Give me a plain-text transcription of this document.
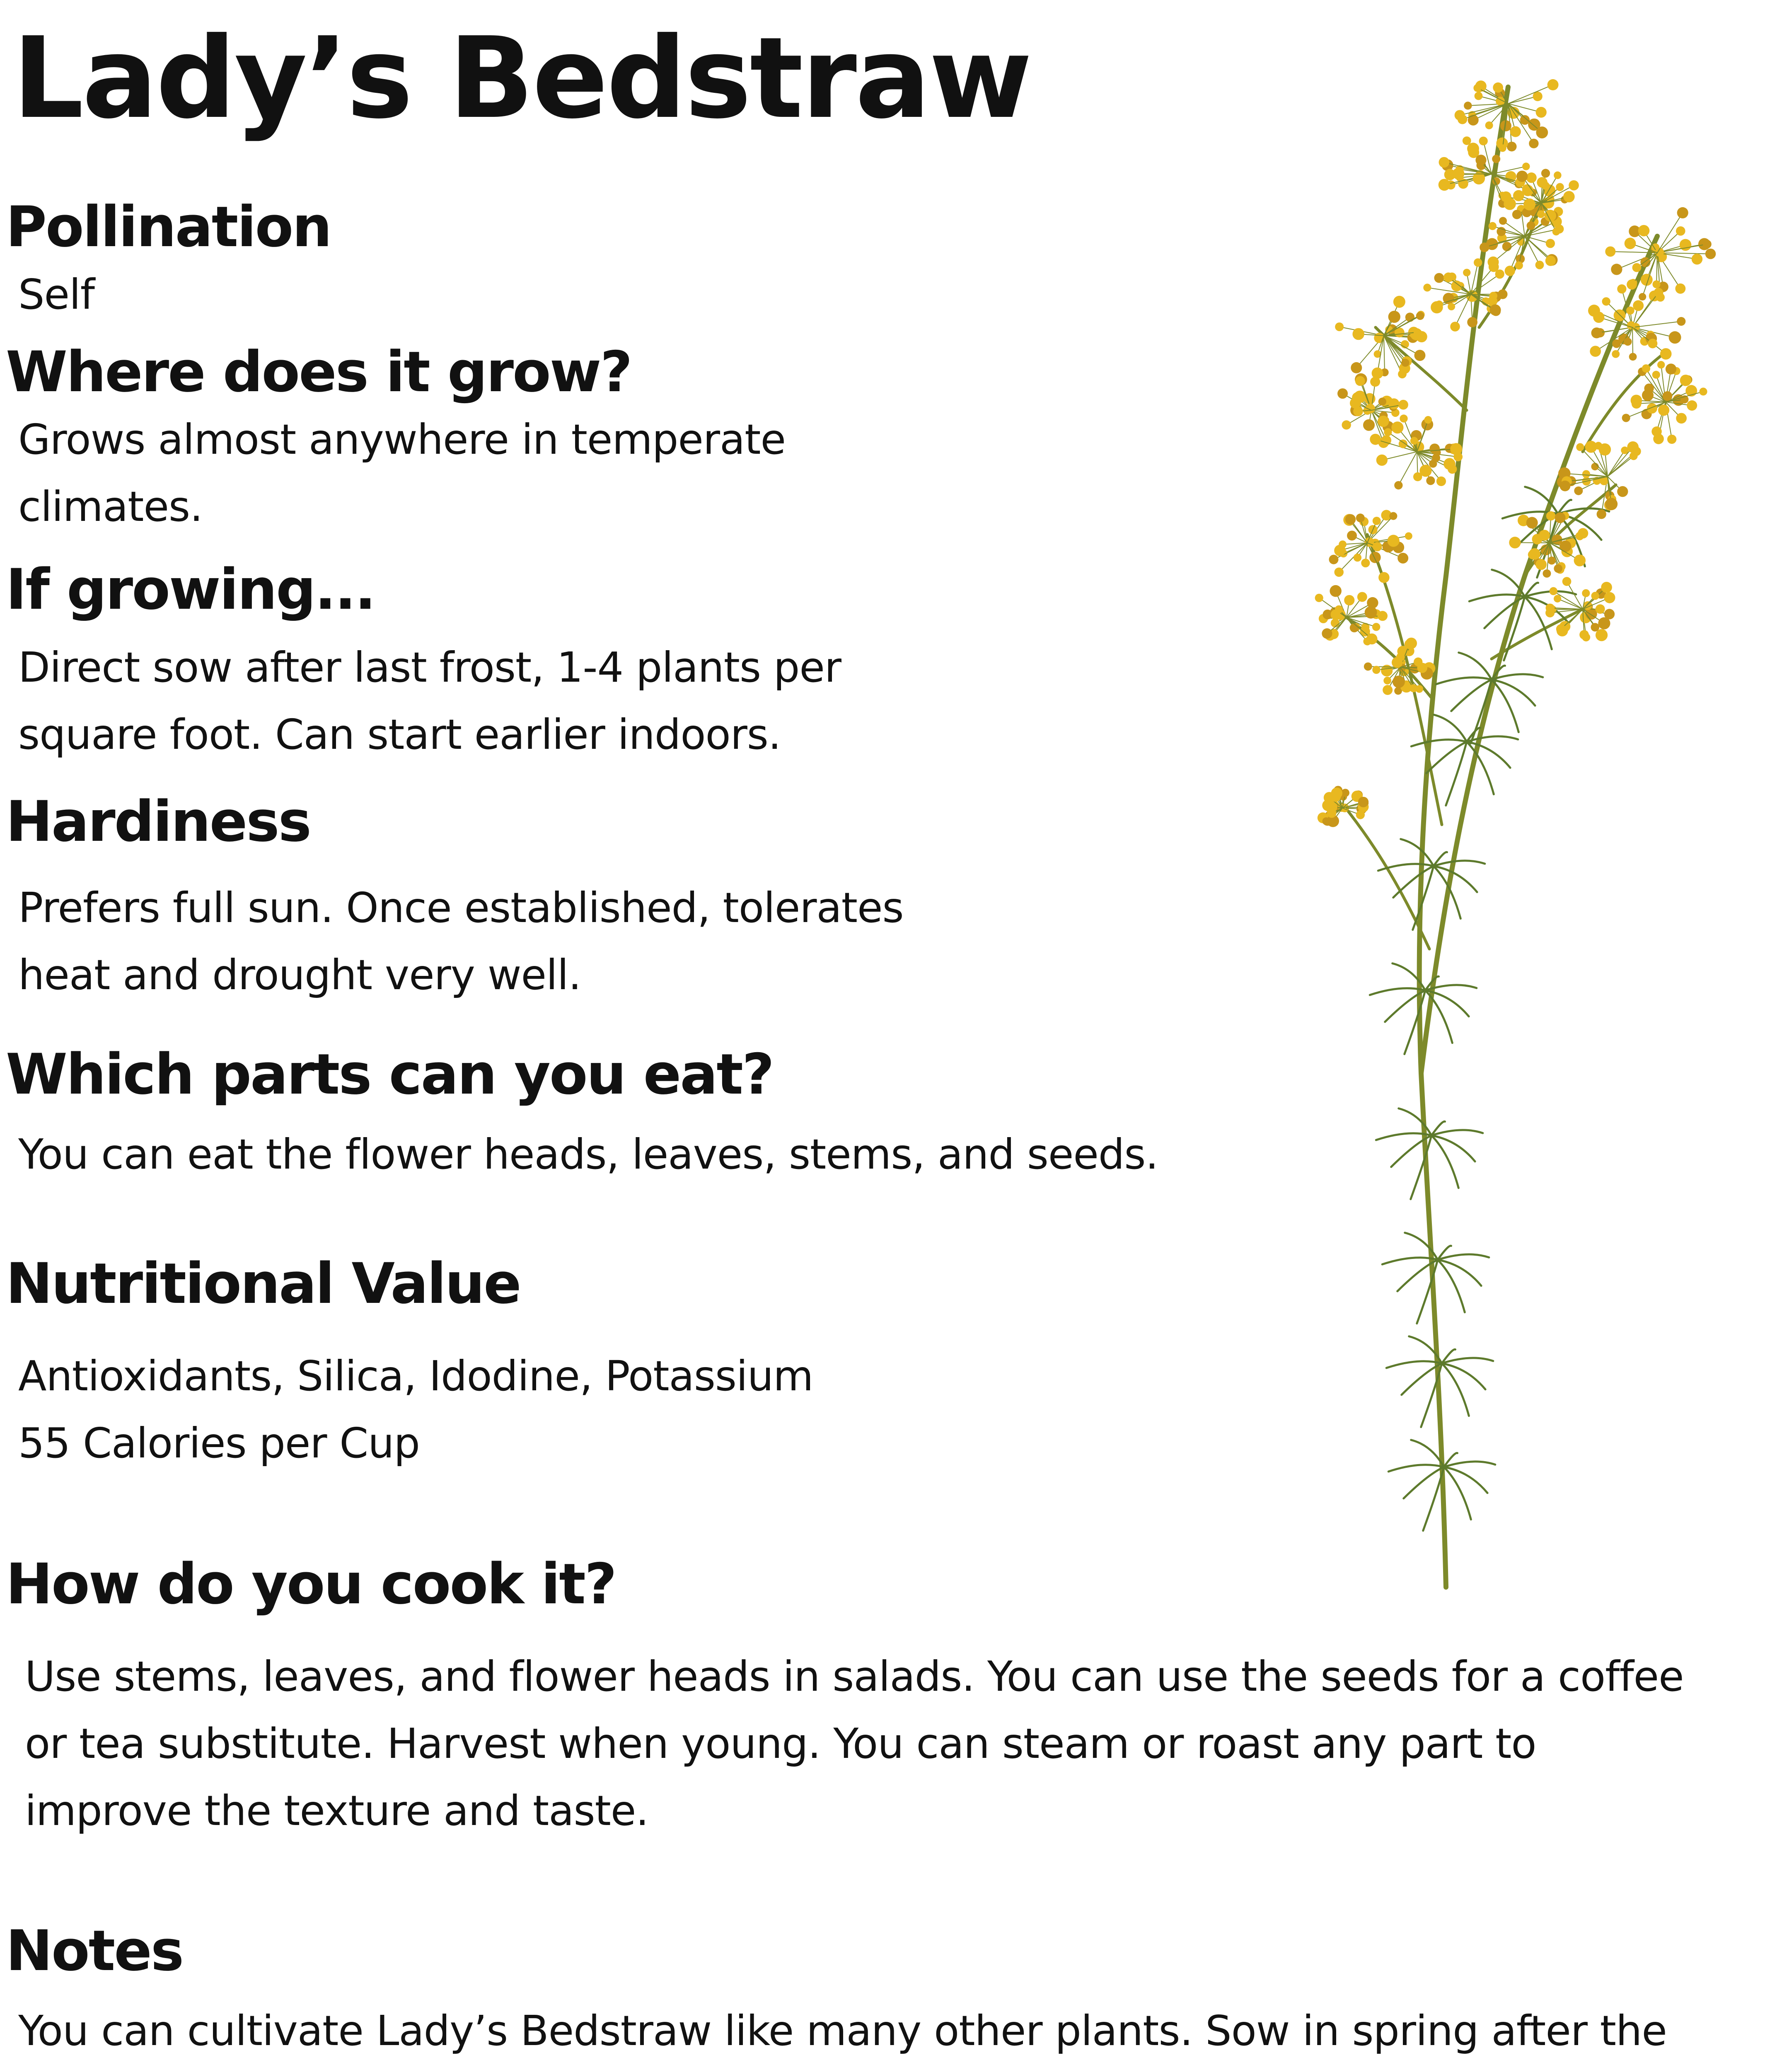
Lady’s Bedstraw
Pollination
Self
Where does it grow?
Grows almost anywhere in temperate
climates.
If growing...
Direct sow after last frost, 1-4 plants per
square foot. Can start earlier indoors.
Hardiness
Prefers full sun. Once established, tolerates
heat and drought very well.
Which parts can you eat?
You can eat the flower heads, leaves, stems, and seeds.
Nutritional Value
Antioxidants, Silica, Idodine, Potassium
55 Calories per Cup
How do you cook it?
Use stems, leaves, and flower heads in salads. You can use the seeds for a coffee
or tea substitute. Harvest when young. You can steam or roast any part to
improve the texture and taste.
Notes
You can cultivate Lady’s Bedstraw like many other plants. Sow in spring after the
